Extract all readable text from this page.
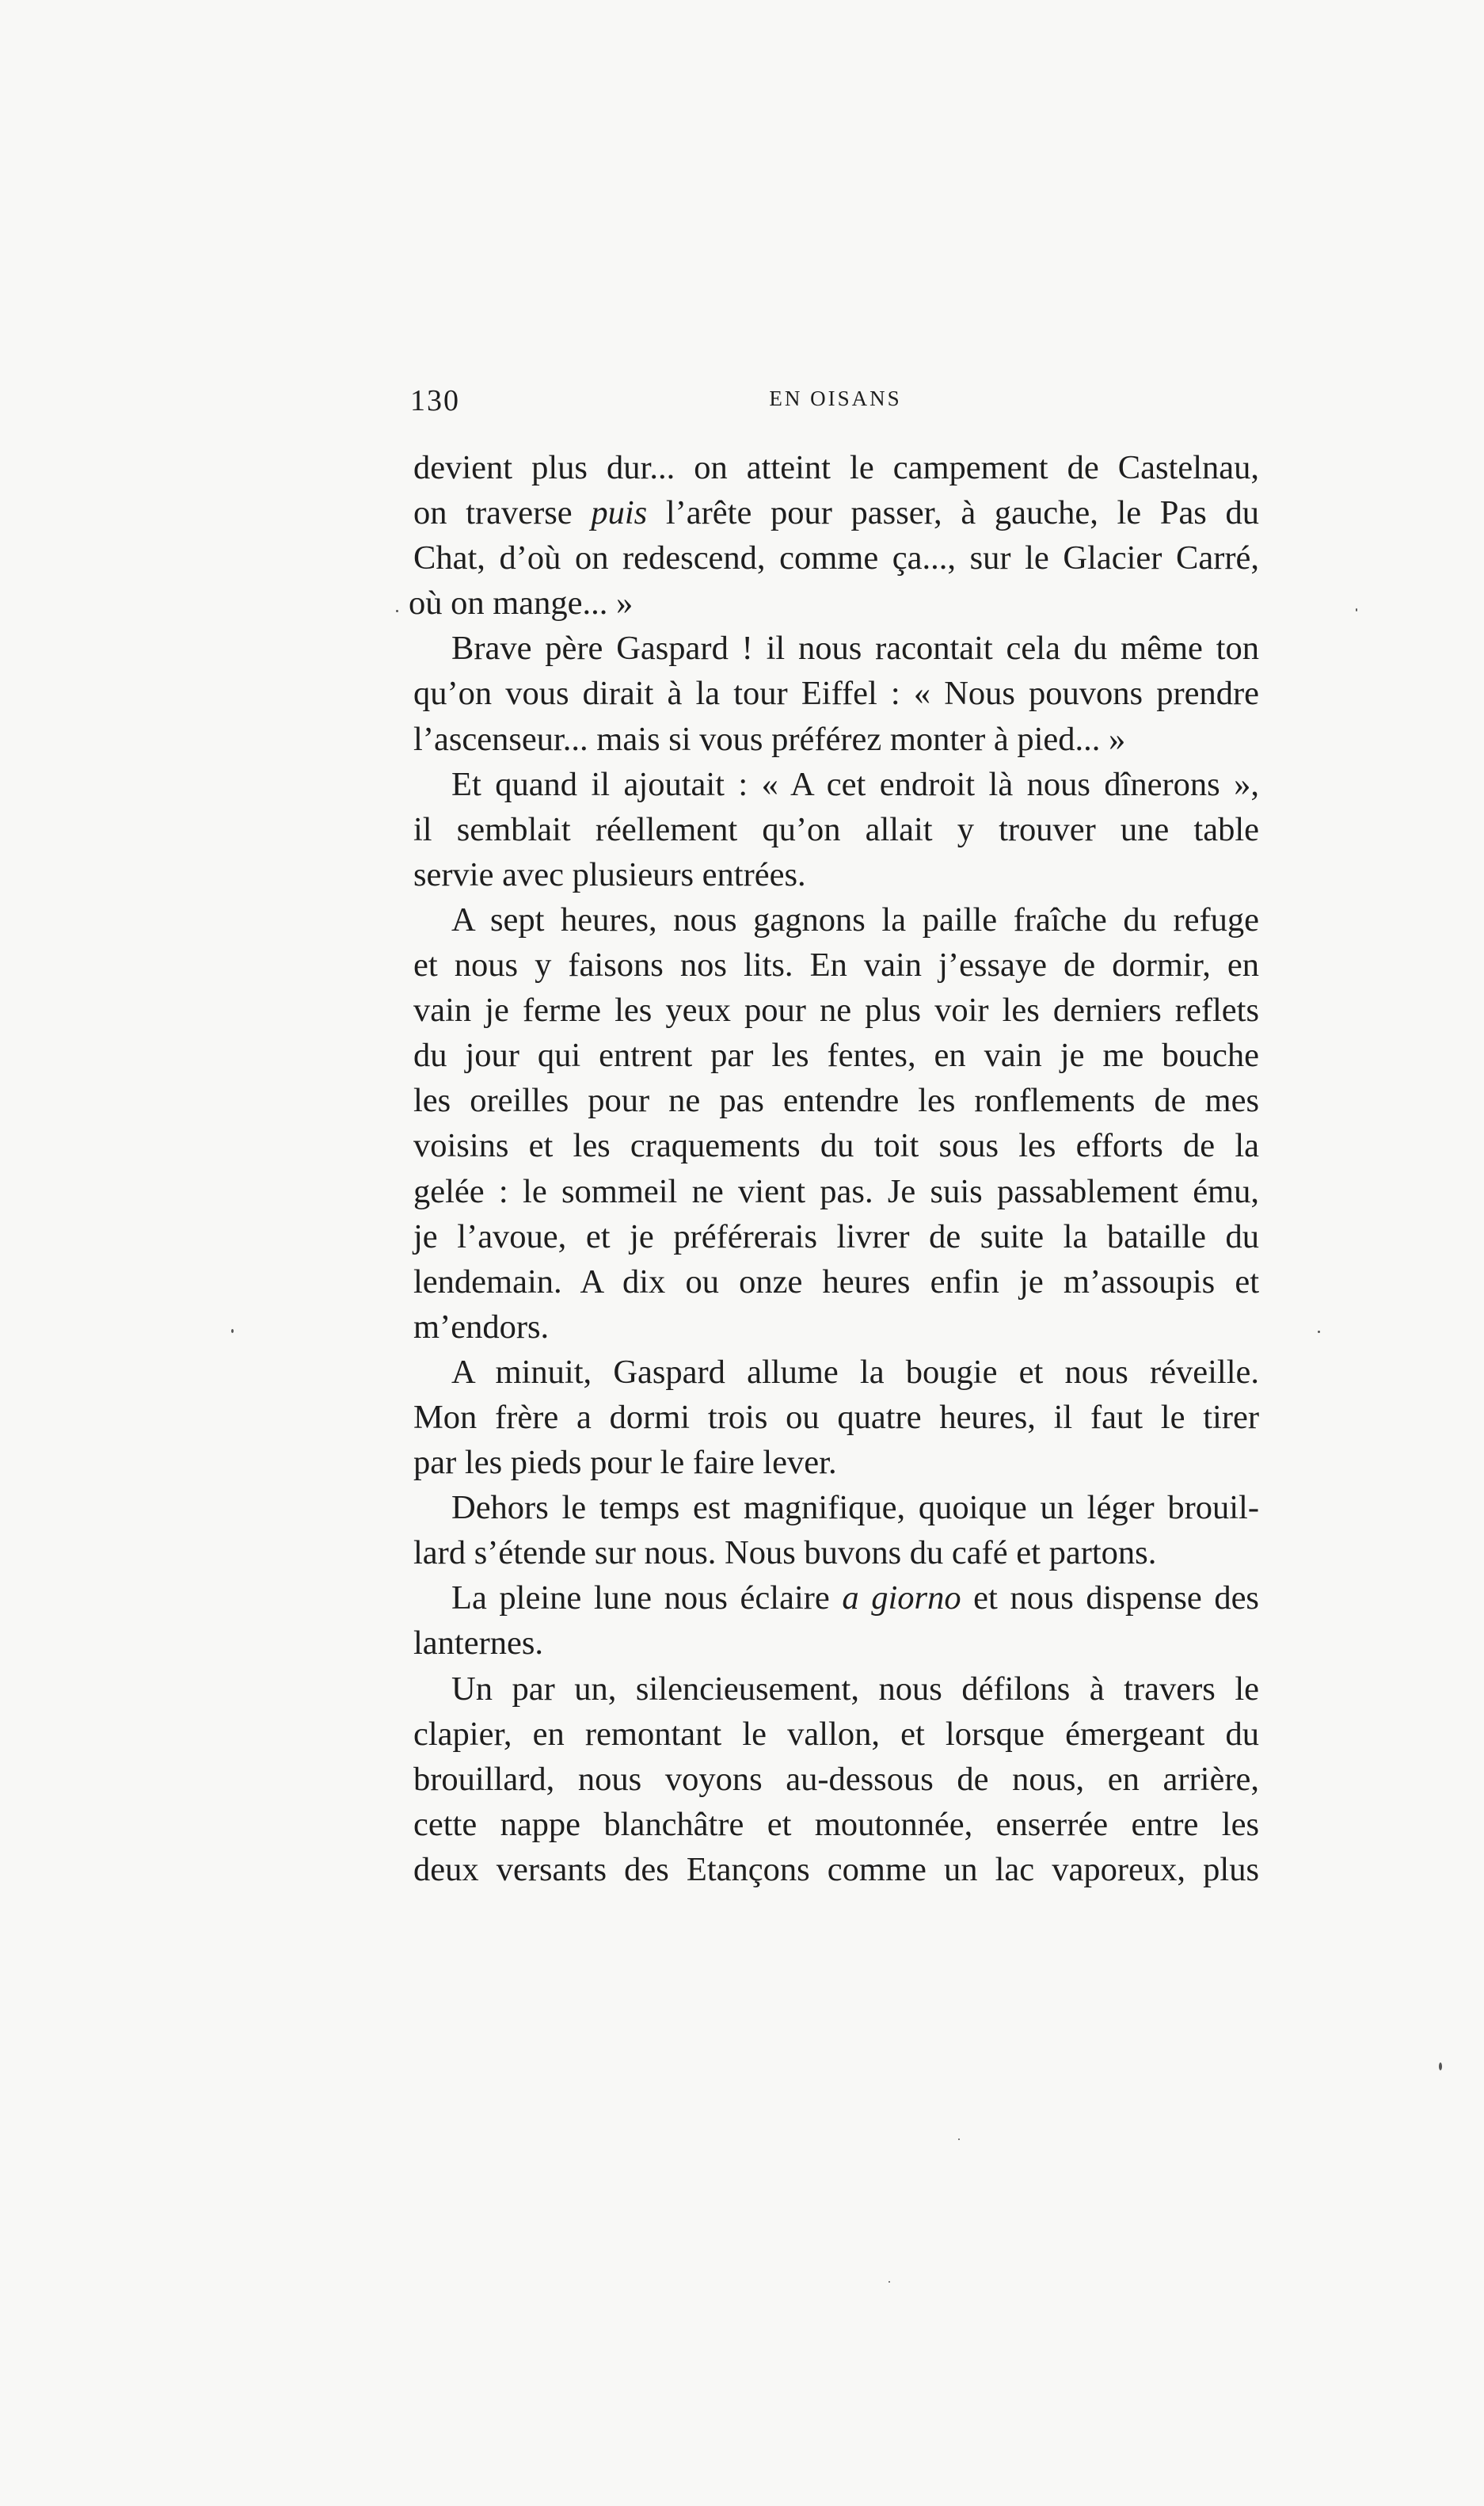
130	EN OISANS
devient plus dur... on atteint le campement de Castelnau,
on traverse puis l’arête pour passer, à gauche, le Pas du
Chat, d’où on redescend, comme ça..., sur le Glacier Carré,
où on mange... »
Brave père Gaspard ! il nous racontait cela du même ton
qu’on vous dirait à la tour Eiffel : « Nous pouvons prendre
l’ascenseur... mais si vous préférez monter à pied... »
Et quand il ajoutait : « A cet endroit là nous dînerons »,
il semblait réellement qu’on allait y trouver une table
servie avec plusieurs entrées.
A sept heures, nous gagnons la paille fraîche du refuge
et nous y faisons nos lits. En vain j’essaye de dormir, en
vain je ferme les yeux pour ne plus voir les derniers reflets
du jour qui entrent par les fentes, en vain je me bouche
les oreilles pour ne pas entendre les ronflements de mes
voisins et les craquements du toit sous les efforts de la
gelée : le sommeil ne vient pas. Je suis passablement ému,
je l’avoue, et je préférerais livrer de suite la bataille du
lendemain. A dix ou onze heures enfin je m’assoupis et
m’endors.
A minuit, Gaspard allume la bougie et nous réveille.
Mon frère a dormi trois ou quatre heures, il faut le tirer
par les pieds pour le faire lever.
Dehors le temps est magnifique, quoique un léger brouil-
lard s’étende sur nous. Nous buvons du café et partons.
La pleine lune nous éclaire a giorno et nous dispense des
lanternes.
Un par un, silencieusement, nous défilons à travers le
clapier, en remontant le vallon, et lorsque émergeant du
brouillard, nous voyons au-dessous de nous, en arrière,
cette nappe blanchâtre et moutonnée, enserrée entre les
deux versants des Etançons comme un lac vaporeux, plus
